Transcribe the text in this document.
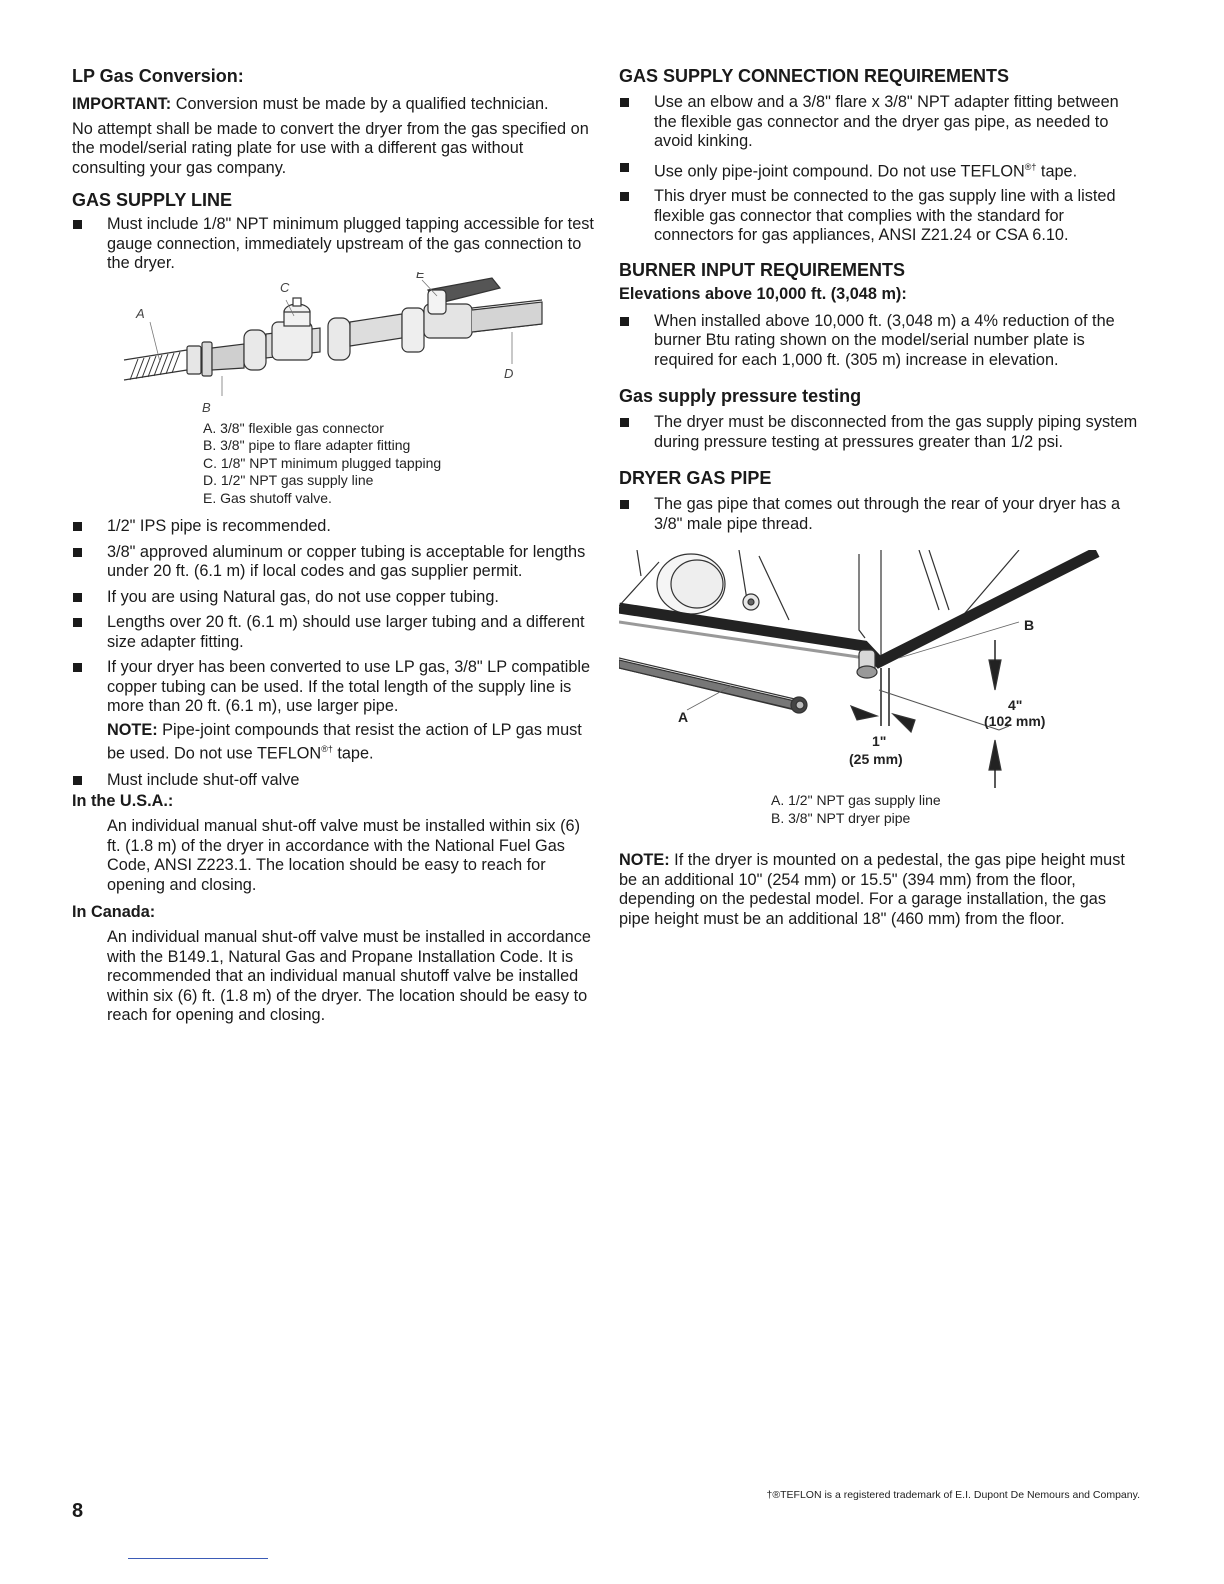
LP Gas Conversion:

IMPORTANT: Conversion must be made by a qualified technician.

No attempt shall be made to convert the dryer from the gas specified on the model/serial rating plate for use with a different gas without consulting your gas company.

GAS SUPPLY LINE
Must include 1/8" NPT minimum plugged tapping accessible for test gauge connection, immediately upstream of the gas connection to the dryer.
A
C
E
D
B

A. 3/8" flexible gas connector

B. 3/8" pipe to flare adapter fitting

C. 1/8" NPT minimum plugged tapping

D. 1/2" NPT gas supply line

E. Gas shutoff valve.

1/2" IPS pipe is recommended.
3/8" approved aluminum or copper tubing is acceptable for lengths under 20 ft. (6.1 m) if local codes and gas supplier permit.
If you are using Natural gas, do not use copper tubing.
Lengths over 20 ft. (6.1 m) should use larger tubing and a different size adapter fitting.
If your dryer has been converted to use LP gas, 3/8" LP compatible copper tubing can be used. If the total length of the supply line is more than 20 ft. (6.1 m), use larger pipe.

NOTE: Pipe-joint compounds that resist the action of LP gas must be used. Do not use TEFLON®† tape.

Must include shut-off valve

In the U.S.A.:

An individual manual shut-off valve must be installed within six (6) ft. (1.8 m) of the dryer in accordance with the National Fuel Gas Code, ANSI Z223.1. The location should be easy to reach for opening and closing.

In Canada:

An individual manual shut-off valve must be installed in accordance with the B149.1, Natural Gas and Propane Installation Code. It is recommended that an individual manual shutoff valve be installed within six (6) ft. (1.8 m) of the dryer. The location should be easy to reach for opening and closing.

GAS SUPPLY CONNECTION REQUIREMENTS
Use an elbow and a 3/8" flare x 3/8" NPT adapter fitting between the flexible gas connector and the dryer gas pipe, as needed to avoid kinking.
Use only pipe-joint compound. Do not use TEFLON®† tape.
This dryer must be connected to the gas supply line with a listed flexible gas connector that complies with the standard for connectors for gas appliances, ANSI Z21.24 or CSA 6.10.
BURNER INPUT REQUIREMENTS

Elevations above 10,000 ft. (3,048 m):

When installed above 10,000 ft. (3,048 m) a 4% reduction of the burner Btu rating shown on the model/serial number plate is required for each 1,000 ft. (305 m) increase in elevation.
Gas supply pressure testing
The dryer must be disconnected from the gas supply piping system during pressure testing at pressures greater than 1/2 psi.
DRYER GAS PIPE
The gas pipe that comes out through the rear of your dryer has a 3/8" male pipe thread.
A
B
4"
(102 mm)
1"
(25 mm)

A. 1/2" NPT gas supply line

B. 3/8" NPT dryer pipe

NOTE: If the dryer is mounted on a pedestal, the gas pipe height must be an additional 10" (254 mm) or 15.5" (394 mm) from the floor, depending on the pedestal model. For a garage installation, the gas pipe height must be an additional 18" (460 mm) from the floor.

8
†®TEFLON is a registered trademark of E.I. Dupont De Nemours and Company.
